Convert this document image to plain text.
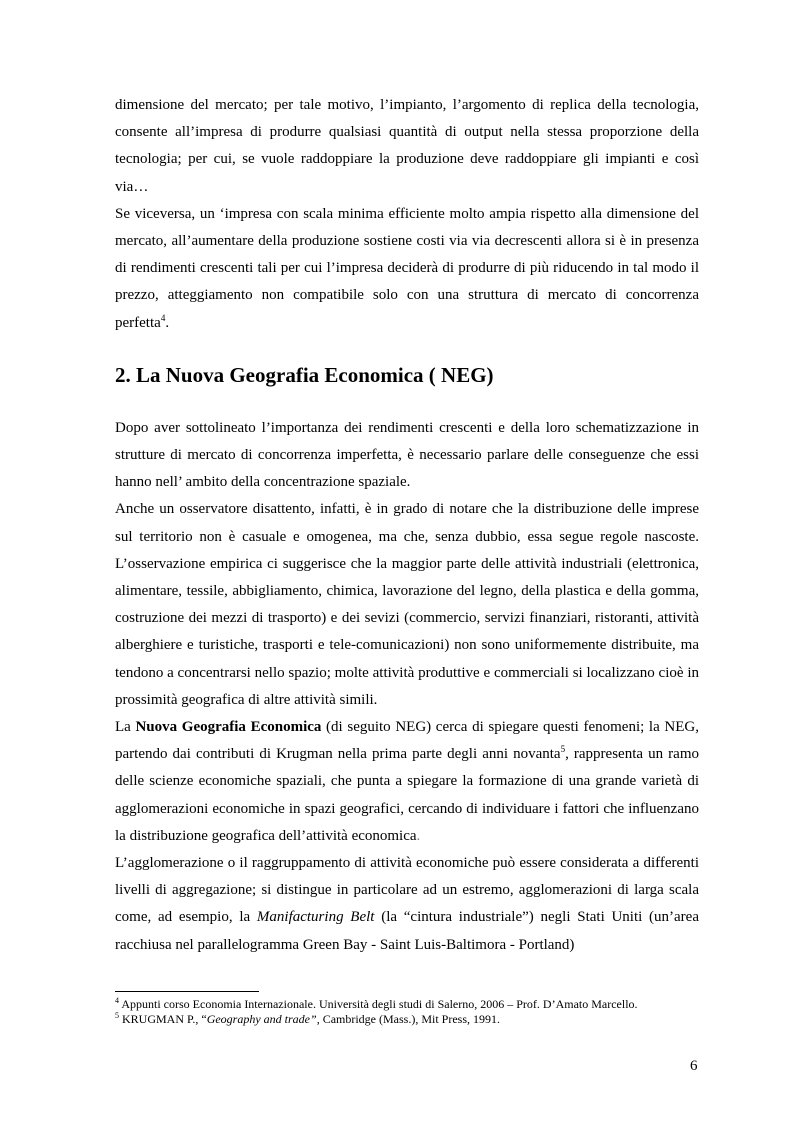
dimensione del mercato; per tale motivo, l’impianto, l’argomento di replica della tecnologia, consente all’impresa di produrre qualsiasi quantità di output nella stessa proporzione della tecnologia; per cui, se vuole raddoppiare la produzione deve raddoppiare gli impianti e così via…

Se viceversa, un ‘impresa con scala minima efficiente molto ampia rispetto alla dimensione del mercato, all’aumentare della produzione sostiene costi via via decrescenti allora si è in presenza di rendimenti crescenti tali per cui l’impresa deciderà di produrre di più riducendo in tal modo il prezzo, atteggiamento non compatibile solo con una struttura di mercato di concorrenza perfetta$^4$.

2. La Nuova Geografia Economica ( NEG)

Dopo aver sottolineato l’importanza dei rendimenti crescenti e della loro schematizzazione in strutture di mercato di concorrenza imperfetta, è necessario parlare delle conseguenze che essi hanno nell’ ambito della concentrazione spaziale.

Anche un osservatore disattento, infatti, è in grado di notare che la distribuzione delle imprese sul territorio non è casuale e omogenea, ma che, senza dubbio, essa segue regole nascoste. L’osservazione empirica ci suggerisce che la maggior parte delle attività industriali (elettronica, alimentare, tessile, abbigliamento, chimica, lavorazione del legno, della plastica e della gomma, costruzione dei mezzi di trasporto) e dei sevizi (commercio, servizi finanziari, ristoranti, attività alberghiere e turistiche, trasporti e tele-comunicazioni) non sono uniformemente distribuite, ma tendono a concentrarsi nello spazio; molte attività produttive e commerciali si localizzano cioè in prossimità geografica di altre attività simili.

La Nuova Geografia Economica (di seguito NEG) cerca di spiegare questi fenomeni; la NEG, partendo dai contributi di Krugman nella prima parte degli anni novanta$^5$, rappresenta un ramo delle scienze economiche spaziali, che punta a spiegare la formazione di una grande varietà di agglomerazioni economiche in spazi geografici, cercando di individuare i fattori che influenzano la distribuzione geografica dell’attività economica.

L’agglomerazione o il raggruppamento di attività economiche può essere considerata a differenti livelli di aggregazione; si distingue in particolare ad un estremo, agglomerazioni di larga scala come, ad esempio, la Manifacturing Belt (la “cintura industriale”) negli Stati Uniti (un’area racchiusa nel parallelogramma Green Bay - Saint Luis-Baltimora - Portland)

$^4$ Appunti corso Economia Internazionale. Università degli studi di Salerno, 2006 – Prof. D’Amato Marcello.
$^5$ KRUGMAN P., “Geography and trade”, Cambridge (Mass.), Mit Press, 1991.
6
